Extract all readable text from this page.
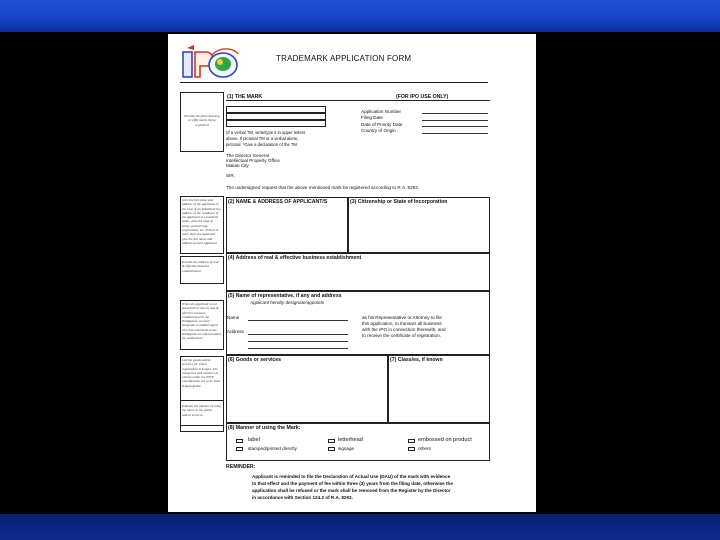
TRADEMARK APPLICATION FORM
Provide the plain drawing or affix marks being registered
(1) THE MARK	(FOR IPO USE ONLY)
(If a verbal TM, write/type it in upper letters
above. If pictorial TM or a verbal alone,
pictorial. *Give a declaration of the TM
Application Number
Filing Date
Date of Priority Date
Country of Origin
The Director General
Intellectual Property Office
Makati City
SIR,
The undersigned request that the above mentioned mark be registered according to R.A. 8293.
Give the full name and address of the applicant, in the case of an individual the address of the residence. If the applicant is a juridical entity, state the kind of entity: partnership, corporation, etc. If there is more than one applicant, give the full name and address of each applicant
Provide the address of real & effective business establishment
When the applicant is not domiciled or has no real & effective business establishment in the Philippines, he must designate a resident agent who has a domicile in the Philippines as representative for notification
List the goods and/or services for which registration is sought. The categories and numbers of classes under the NICE classification are to be used if appropriate
Indicate the manner of using the mark on the goods and/or services
(2) NAME & ADDRESS OF APPLICANT/S	(3) Citizenship or State of Incorporation
(4) Address of real & effective business establishment
(5) Name of representative, if any and address
Applicant hereby designate/appoints
Name
Address
as his Representative or Attorney to file
this application, to transact all business
with the IPO in connection therewith, and
to receive the certificate of registration.
(6) Goods or services	(7) Class/es, if known
(8) Manner of using the Mark:
label
stamped/printed directly
letterhead
signage
embossed on product
others
REMINDER:
Applicant is reminded to file the Declaration of Actual Use (DAU) of the mark with evidence
to that effect and the payment of fee within three (3) years from the filing date, otherwise the
application shall be refused or the mark shall be removed from the Register by the Director
in accordance with Section 124.2 of R.A. 8293.
